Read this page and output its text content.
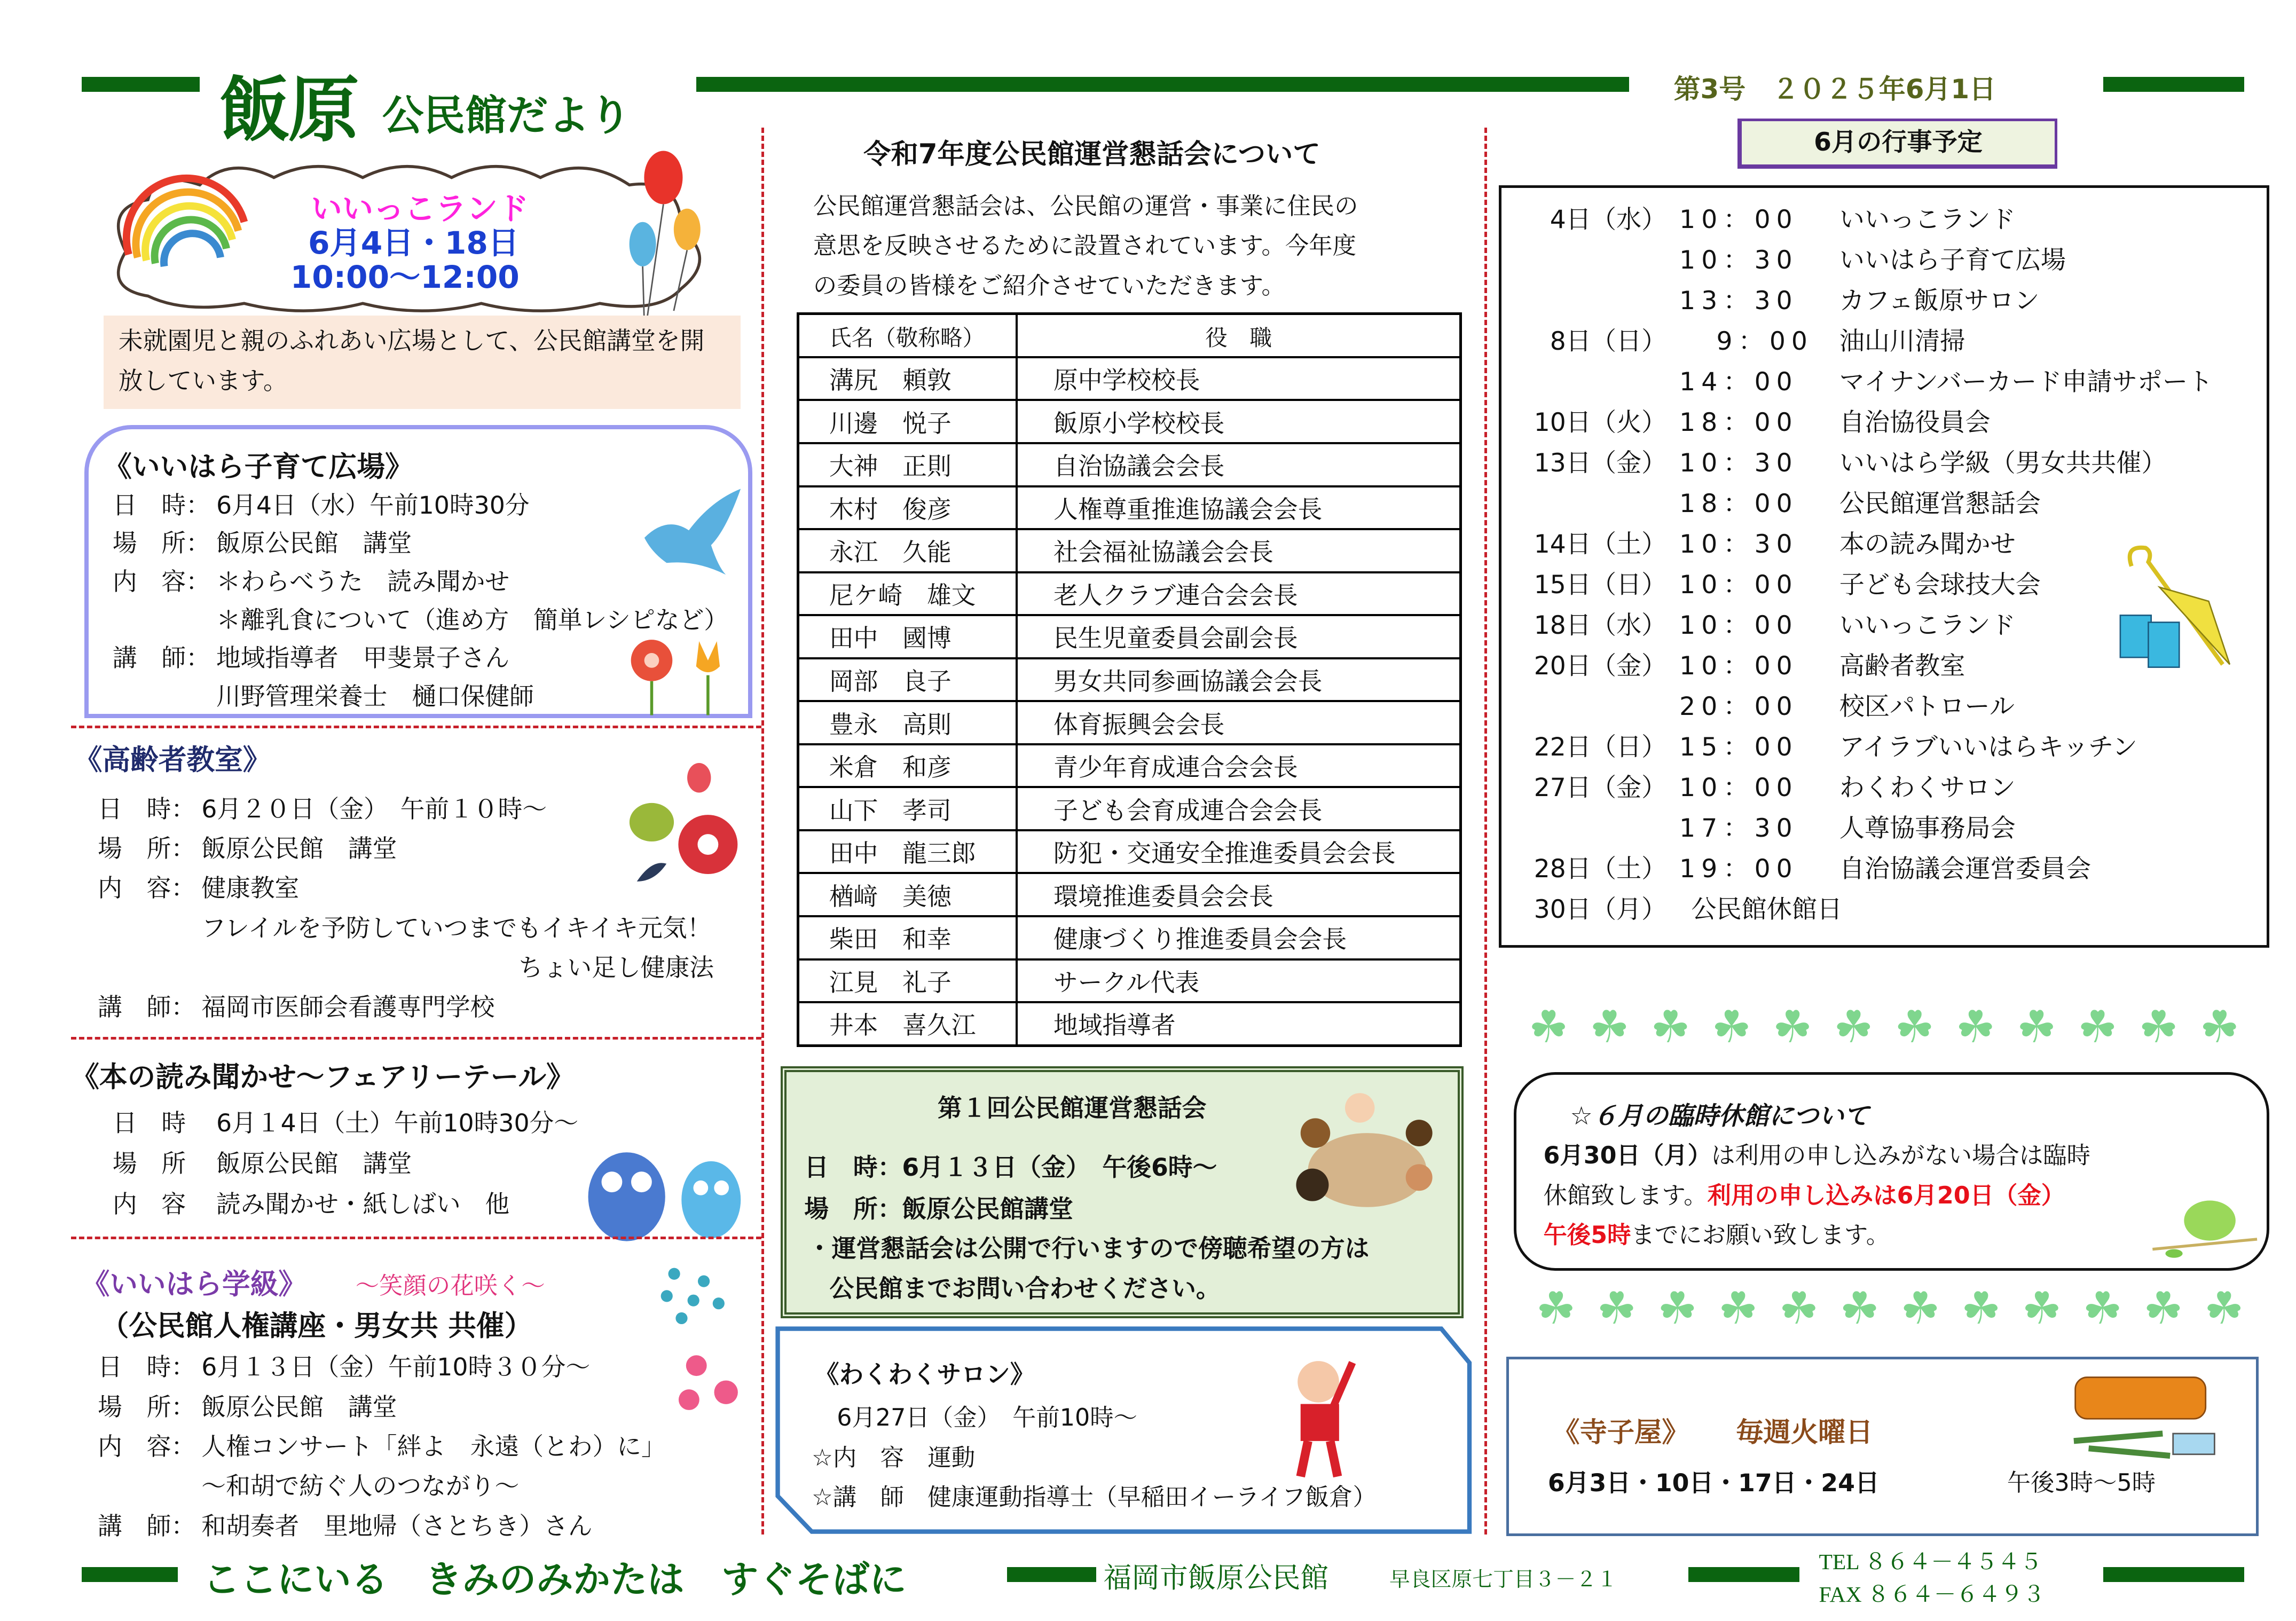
飯原 公民館だより
第3号　２０２５年6月1日
いいっこランド
6月4日・18日
10:00～12:00
未就園児と親のふれあい広場として、公民館講堂を開放しています。
《いいはら子育て広場》
日　時： 6月4日（水）午前10時30分
場　所： 飯原公民館　講堂
内　容： ＊わらべうた　読み聞かせ
＊離乳食について（進め方　簡単レシピなど）
講　師： 地域指導者　甲斐景子さん
川野管理栄養士　樋口保健師
《高齢者教室》
日　時： 6月２０日（金）　午前１０時～
場　所： 飯原公民館　講堂
内　容： 健康教室
フレイルを予防していつまでもイキイキ元気！
ちょい足し健康法
講　師： 福岡市医師会看護専門学校
《本の読み聞かせ～フェアリーテール》
日　時 6月１4日（土）午前10時30分～
場　所 飯原公民館　講堂
内　容 読み聞かせ・紙しばい　他
《いいはら学級》 ～笑顔の花咲く～
（公民館人権講座・男女共 共催）
日　時： 6月１３日（金）午前10時３０分～
場　所： 飯原公民館　講堂
内　容： 人権コンサート「絆よ　永遠（とわ）に」
～和胡で紡ぐ人のつながり～
講　師： 和胡奏者　里地帰（さとちき）さん
令和7年度公民館運営懇話会について
公民館運営懇話会は、公民館の運営・事業に住民の
意思を反映させるために設置されています。今年度
の委員の皆様をご紹介させていただきます。
氏名（敬称略）	役　職
溝尻　頼敦	原中学校校長
川邊　悦子	飯原小学校校長
大神　正則	自治協議会会長
木村　俊彦	人権尊重推進協議会会長
永江　久能	社会福祉協議会会長
尼ケ崎　雄文	老人クラブ連合会会長
田中　國博	民生児童委員会副会長
岡部　良子	男女共同参画協議会会長
豊永　高則	体育振興会会長
米倉　和彦	青少年育成連合会会長
山下　孝司	子ども会育成連合会会長
田中　龍三郎	防犯・交通安全推進委員会会長
楢﨑　美徳	環境推進委員会会長
柴田　和幸	健康づくり推進委員会会長
江見　礼子	サークル代表
井本　喜久江	地域指導者
第１回公民館運営懇話会
日　時：6月１３日（金）　午後6時～
場　所：飯原公民館講堂
・運営懇話会は公開で行いますので傍聴希望の方は
公民館までお問い合わせください。
《わくわくサロン》
6月27日（金）　午前10時～
☆内　容　運動
☆講　師　健康運動指導士（早稲田イーライフ飯倉）
6月の行事予定
4日（水） 10：00 いいっこランド
10：30 いいはら子育て広場
13：30 カフェ飯原サロン
8日（日） 9：00 油山川清掃
14：00 マイナンバーカード申請サポート
10日（火） 18：00 自治協役員会
13日（金） 10：30 いいはら学級（男女共共催）
18：00 公民館運営懇話会
14日（土） 10：30 本の読み聞かせ
15日（日） 10：00 子ども会球技大会
18日（水） 10：00 いいっこランド
20日（金） 10：00 高齢者教室
20：00 校区パトロール
22日（日） 15：00 アイラブいいはらキッチン
27日（金） 10：00 わくわくサロン
17：30 人尊協事務局会
28日（土） 19：00 自治協議会運営委員会
30日（月） 公民館休館日
☘ ☘ ☘ ☘ ☘ ☘ ☘ ☘ ☘ ☘ ☘ ☘
☆６月の臨時休館について
6月30日（月）は利用の申し込みがない場合は臨時
休館致します。利用の申し込みは6月20日（金）
午後5時までにお願い致します。
☘ ☘ ☘ ☘ ☘ ☘ ☘ ☘ ☘ ☘ ☘ ☘
《寺子屋》 毎週火曜日
6月3日・10日・17日・24日	午後3時～5時
ここにいる　きみのみかたは　すぐそばに	福岡市飯原公民館	早良区原七丁目３－２１
TEL ８６４－４５４５
FAX ８６４－６４９３
